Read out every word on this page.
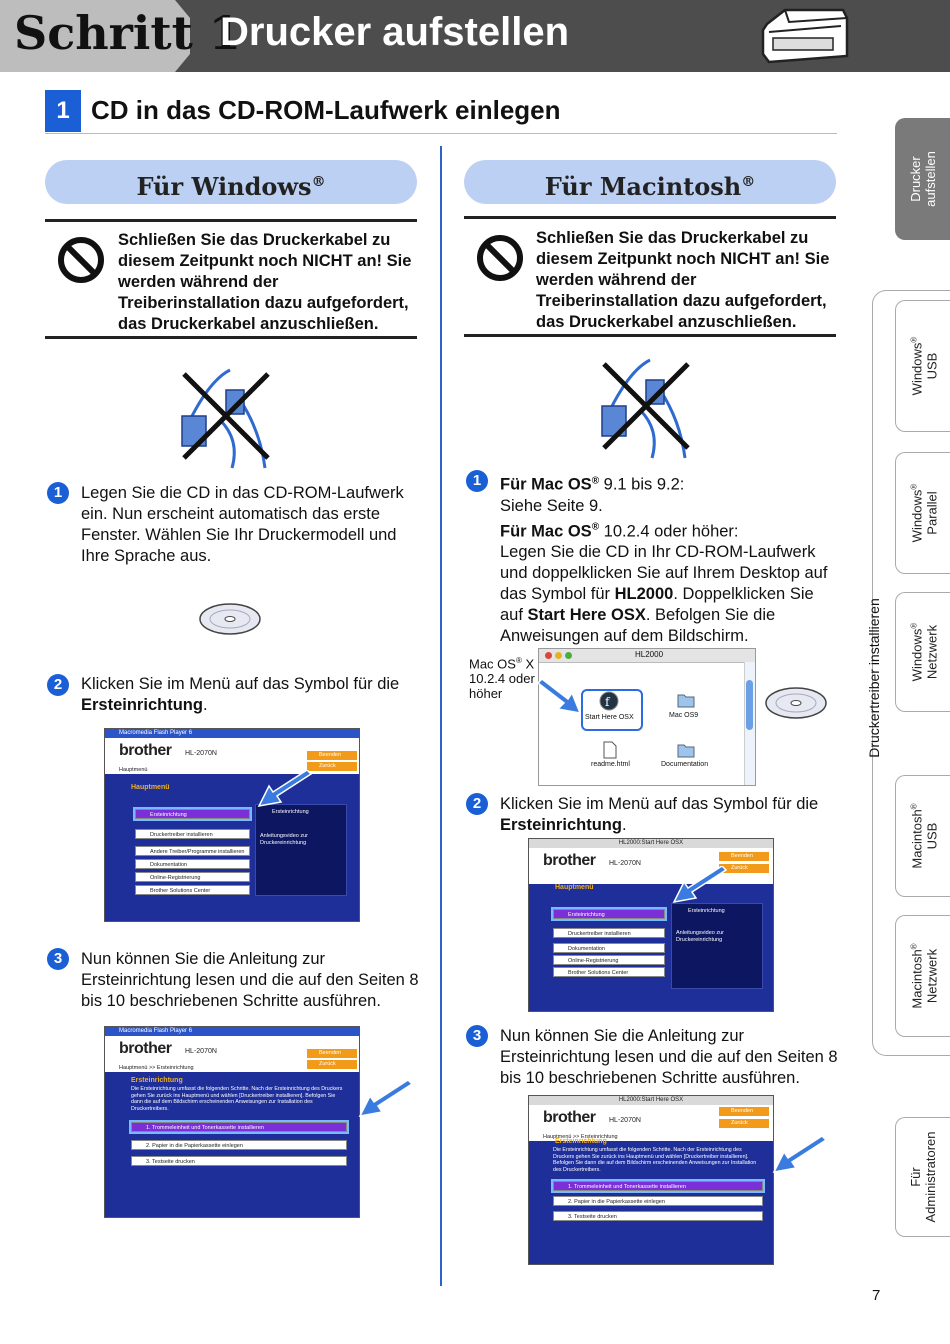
Schritt 1
Drucker aufstellen
1 CD in das CD-ROM-Laufwerk einlegen
Für Windows®
Schließen Sie das Druckerkabel zu diesem Zeitpunkt noch NICHT an! Sie werden während der Treiberinstallation dazu aufgefordert, das Druckerkabel anzuschließen.
1	Legen Sie die CD in das CD-ROM-Laufwerk ein. Nun erscheint automatisch das erste Fenster. Wählen Sie Ihr Druckermodell und Ihre Sprache aus.
2	Klicken Sie im Menü auf das Symbol für die Ersteinrichtung.
Macromedia Flash Player 6
brother HL-2070N
Hauptmenü
Beenden
Zurück
Hauptmenü
Ersteinrichtung
Druckertreiber installieren
Andere Treiber/Programme installieren
Dokumentation
Online-Registrierung
Brother Solutions Center
Ersteinrichtung
Anleitungsvideo zur Druckereinrichtung
3	Nun können Sie die Anleitung zur Ersteinrichtung lesen und die auf den Seiten 8 bis 10 beschriebenen Schritte ausführen.
Macromedia Flash Player 6
brother HL-2070N
Hauptmenü >> Ersteinrichtung
Beenden
Zurück
Ersteinrichtung
Die Ersteinrichtung umfasst die folgenden Schritte. Nach der Ersteinrichtung des Druckers gehen Sie zurück ins Hauptmenü und wählen [Druckertreiber installieren]. Befolgen Sie dann die auf dem Bildschirm erscheinenden Anweisungen zur Installation des Druckertreibers.
1. Trommeleinheit und Tonerkassette installieren
2. Papier in die Papierkassette einlegen
3. Testseite drucken
Für Macintosh®
Schließen Sie das Druckerkabel zu diesem Zeitpunkt noch NICHT an! Sie werden während der Treiberinstallation dazu aufgefordert, das Druckerkabel anzuschließen.
1	Für Mac OS® 9.1 bis 9.2:
Siehe Seite 9.
Für Mac OS® 10.2.4 oder höher:
Legen Sie die CD in Ihr CD-ROM-Laufwerk und doppelklicken Sie auf Ihrem Desktop auf das Symbol für HL2000. Doppelklicken Sie auf Start Here OSX. Befolgen Sie die Anweisungen auf dem Bildschirm.
Mac OS® X
10.2.4 oder
höher
HL2000
f
Start Here OSX	Mac OS9
readme.html	Documentation
2	Klicken Sie im Menü auf das Symbol für die Ersteinrichtung.
HL2000:Start Here OSX
brother HL-2070N
Beenden
Zurück
Hauptmenü
Ersteinrichtung
Druckertreiber installieren
Dokumentation
Online-Registrierung
Brother Solutions Center
Ersteinrichtung
Anleitungsvideo zur Druckereinrichtung
3	Nun können Sie die Anleitung zur Ersteinrichtung lesen und die auf den Seiten 8 bis 10 beschriebenen Schritte ausführen.
HL2000:Start Here OSX
brother HL-2070N
Hauptmenü >> Ersteinrichtung
Beenden
Zurück
Ersteinrichtung
Die Ersteinrichtung umfasst die folgenden Schritte. Nach der Ersteinrichtung des Druckers gehen Sie zurück ins Hauptmenü und wählen [Druckertreiber installieren]. Befolgen Sie dann die auf dem Bildschirm erscheinenden Anweisungen zur Installation des Druckertreibers.
1. Trommeleinheit und Tonerkassette installieren
2. Papier in die Papierkassette einlegen
3. Testseite drucken
Druckertreiber installieren
Drucker
aufstellen
Windows®
USB
Windows®
Parallel
Windows® Netzwerk
Macintosh®
USB
Macintosh®
Netzwerk
Für
Administratoren
7
